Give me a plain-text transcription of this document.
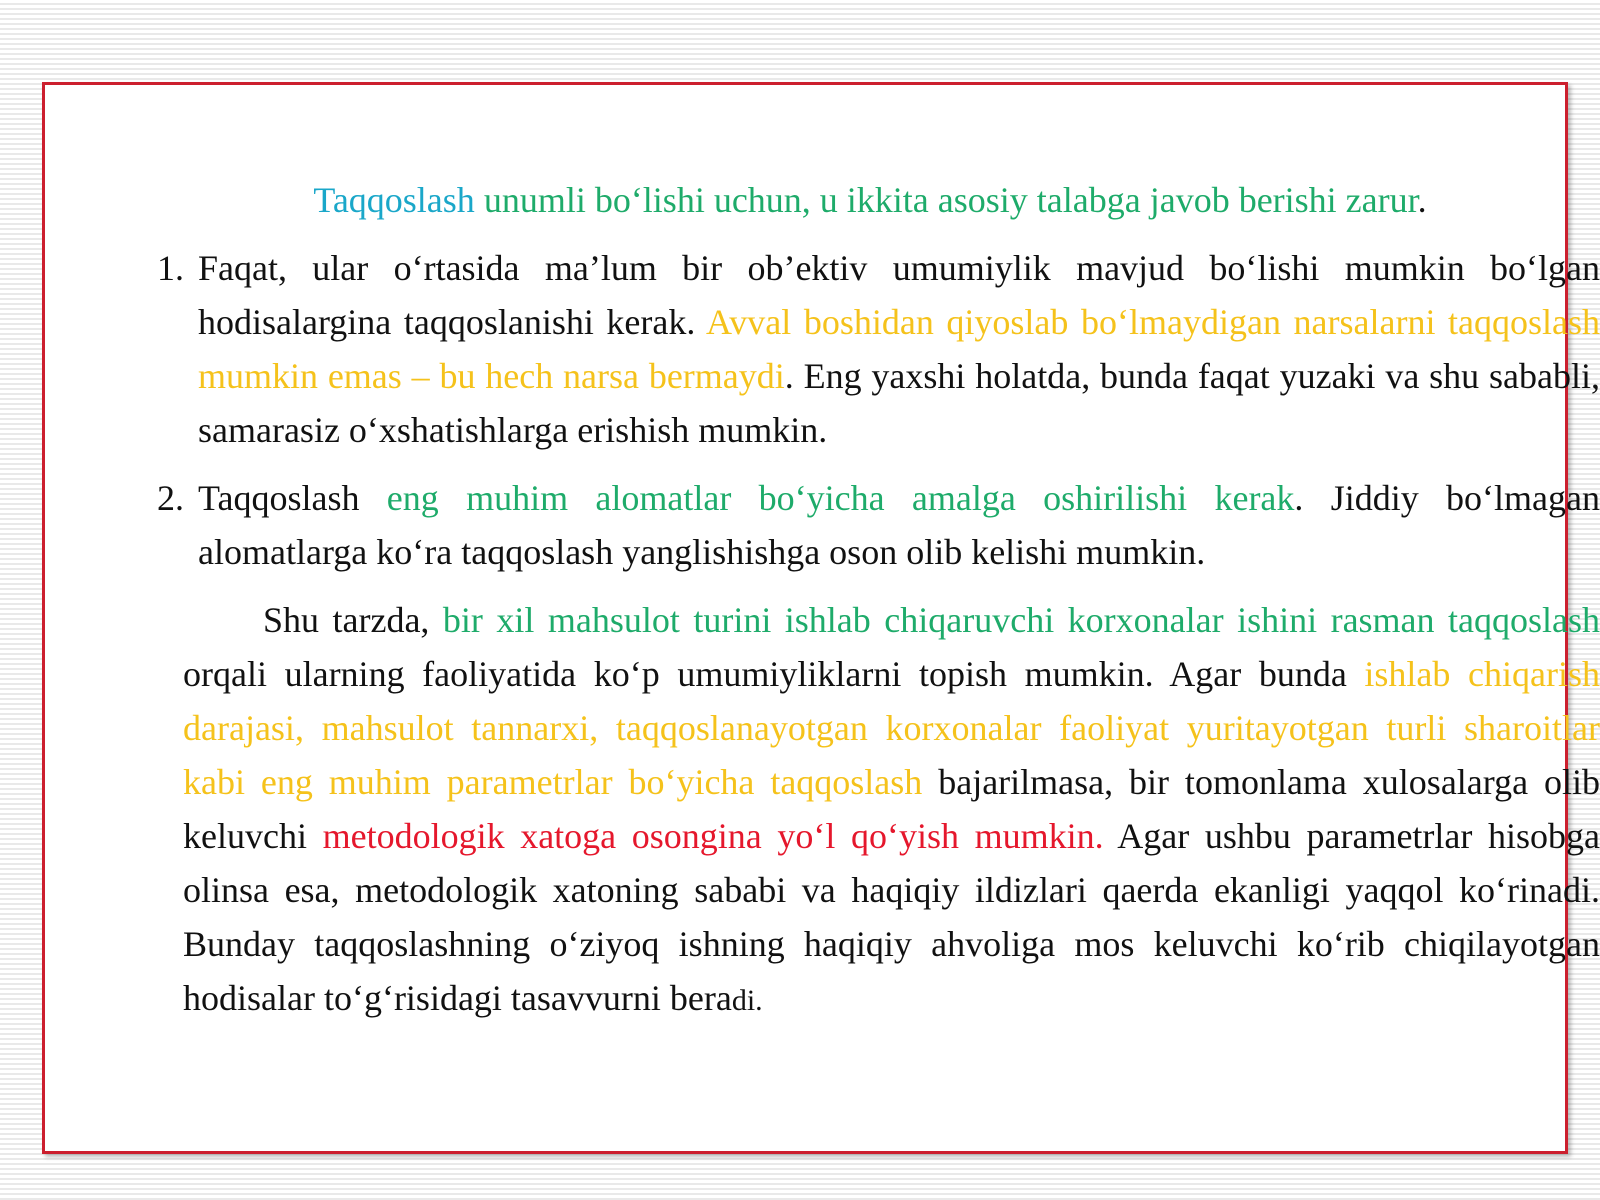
Taqqoslash unumli bo‘lishi uchun, u ikkita asosiy talabga javob berishi zarur.

1. Faqat, ular o‘rtasida ma’lum bir ob’ektiv umumiylik mavjud bo‘lishi mumkin bo‘lgan hodisalargina taqqoslanishi kerak. Avval boshidan qiyoslab bo‘lmaydigan narsalarni taqqoslash mumkin emas – bu hech narsa bermaydi. Eng yaxshi holatda, bunda faqat yuzaki va shu sababli, samarasiz o‘xshatishlarga erishish mumkin.
2. Taqqoslash eng muhim alomatlar bo‘yicha amalga oshirilishi kerak. Jiddiy bo‘lmagan alomatlarga ko‘ra taqqoslash yanglishishga oson olib kelishi mumkin.

Shu tarzda, bir xil mahsulot turini ishlab chiqaruvchi korxonalar ishini rasman taqqoslash orqali ularning faoliyatida ko‘p umumiyliklarni topish mumkin. Agar bunda ishlab chiqarish darajasi, mahsulot tannarxi, taqqoslanayotgan korxonalar faoliyat yuritayotgan turli sharoitlar kabi eng muhim parametrlar bo‘yicha taqqoslash bajarilmasa, bir tomonlama xulosalarga olib keluvchi metodologik xatoga osongina yo‘l qo‘yish mumkin. Agar ushbu parametrlar hisobga olinsa esa, metodologik xatoning sababi va haqiqiy ildizlari qaerda ekanligi yaqqol ko‘rinadi. Bunday taqqoslashning o‘ziyoq ishning haqiqiy ahvoliga mos keluvchi ko‘rib chiqilayotgan hodisalar to‘g‘risidagi tasavvurni beradi.
